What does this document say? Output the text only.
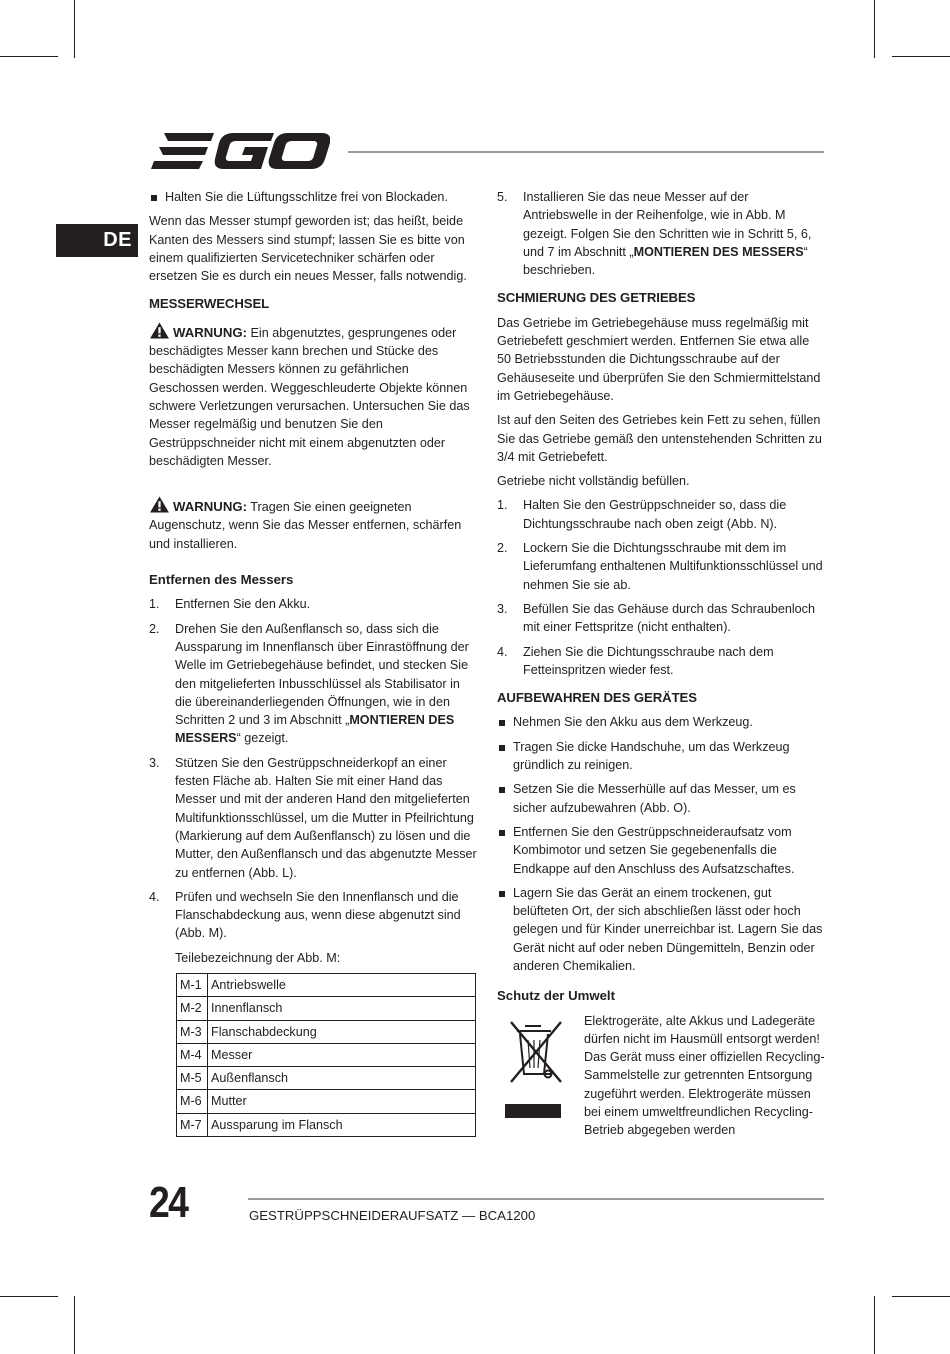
DE
Halten Sie die Lüftungsschlitze frei von Blockaden.

Wenn das Messer stumpf geworden ist; das heißt, beide Kanten des Messers sind stumpf; lassen Sie es bitte von einem qualifizierten Servicetechniker schärfen oder ersetzen Sie es durch ein neues Messer, falls notwendig.

MESSERWECHSEL

WARNUNG: Ein abgenutztes, gesprungenes oder beschädigtes Messer kann brechen und Stücke des beschädigten Messers können zu gefährlichen Geschossen werden. Weggeschleuderte Objekte können schwere Verletzungen verursachen. Untersuchen Sie das Messer regelmäßig und benutzen Sie den Gestrüppschneider nicht mit einem abgenutzten oder beschädigten Messer.

WARNUNG: Tragen Sie einen geeigneten Augenschutz, wenn Sie das Messer entfernen, schärfen und installieren.

Entfernen des Messers
1. Entfernen Sie den Akku.
2. Drehen Sie den Außenflansch so, dass sich die Aussparung im Innenflansch über Einrastöffnung der Welle im Getriebegehäuse befindet, und stecken Sie den mitgelieferten Inbusschlüssel als Stabilisator in die übereinanderliegenden Öffnungen, wie in den Schritten 2 und 3 im Abschnitt „MONTIEREN DES MESSERS“ gezeigt.
3. Stützen Sie den Gestrüppschneiderkopf an einer festen Fläche ab. Halten Sie mit einer Hand das Messer und mit der anderen Hand den mitgelieferten Multifunktionsschlüssel, um die Mutter in Pfeilrichtung (Markierung auf dem Außenflansch) zu lösen und die Mutter, den Außenflansch und das abgenutzte Messer zu entfernen (Abb. L).
4. Prüfen und wechseln Sie den Innenflansch und die Flanschabdeckung aus, wenn diese abgenutzt sind (Abb. M).

Teilebezeichnung der Abb. M:

M-1	Antriebswelle
M-2	Innenflansch
M-3	Flanschabdeckung
M-4	Messer
M-5	Außenflansch
M-6	Mutter
M-7	Aussparung im Flansch
5. Installieren Sie das neue Messer auf der Antriebswelle in der Reihenfolge, wie in Abb. M gezeigt. Folgen Sie den Schritten wie in Schritt 5, 6, und 7 im Abschnitt „MONTIEREN DES MESSERS“ beschrieben.
SCHMIERUNG DES GETRIEBES

Das Getriebe im Getriebegehäuse muss regelmäßig mit Getriebefett geschmiert werden. Entfernen Sie etwa alle 50 Betriebsstunden die Dichtungsschraube auf der Gehäuseseite und überprüfen Sie den Schmiermittelstand im Getriebegehäuse.

Ist auf den Seiten des Getriebes kein Fett zu sehen, füllen Sie das Getriebe gemäß den untenstehenden Schritten zu 3/4 mit Getriebefett.

Getriebe nicht vollständig befüllen.

1. Halten Sie den Gestrüppschneider so, dass die Dichtungsschraube nach oben zeigt (Abb. N).
2. Lockern Sie die Dichtungsschraube mit dem im Lieferumfang enthaltenen Multifunktionsschlüssel und nehmen Sie sie ab.
3. Befüllen Sie das Gehäuse durch das Schraubenloch mit einer Fettspritze (nicht enthalten).
4. Ziehen Sie die Dichtungsschraube nach dem Fetteinspritzen wieder fest.
AUFBEWAHREN DES GERÄTES
Nehmen Sie den Akku aus dem Werkzeug.
Tragen Sie dicke Handschuhe, um das Werkzeug gründlich zu reinigen.
Setzen Sie die Messerhülle auf das Messer, um es sicher aufzubewahren (Abb. O).
Entfernen Sie den Gestrüppschneideraufsatz vom Kombimotor und setzen Sie gegebenenfalls die Endkappe auf den Anschluss des Aufsatzschaftes.
Lagern Sie das Gerät an einem trockenen, gut belüfteten Ort, der sich abschließen lässt oder hoch gelegen und für Kinder unerreichbar ist. Lagern Sie das Gerät nicht auf oder neben Düngemitteln, Benzin oder anderen Chemikalien.
Schutz der Umwelt
Elektrogeräte, alte Akkus und Ladegeräte dürfen nicht im Hausmüll entsorgt werden! Das Gerät muss einer offiziellen Recycling-Sammelstelle zur getrennten Entsorgung zugeführt werden. Elektrogeräte müssen bei einem umweltfreundlichen Recycling-Betrieb abgegeben werden
24	GESTRÜPPSCHNEIDERAUFSATZ — BCA1200
